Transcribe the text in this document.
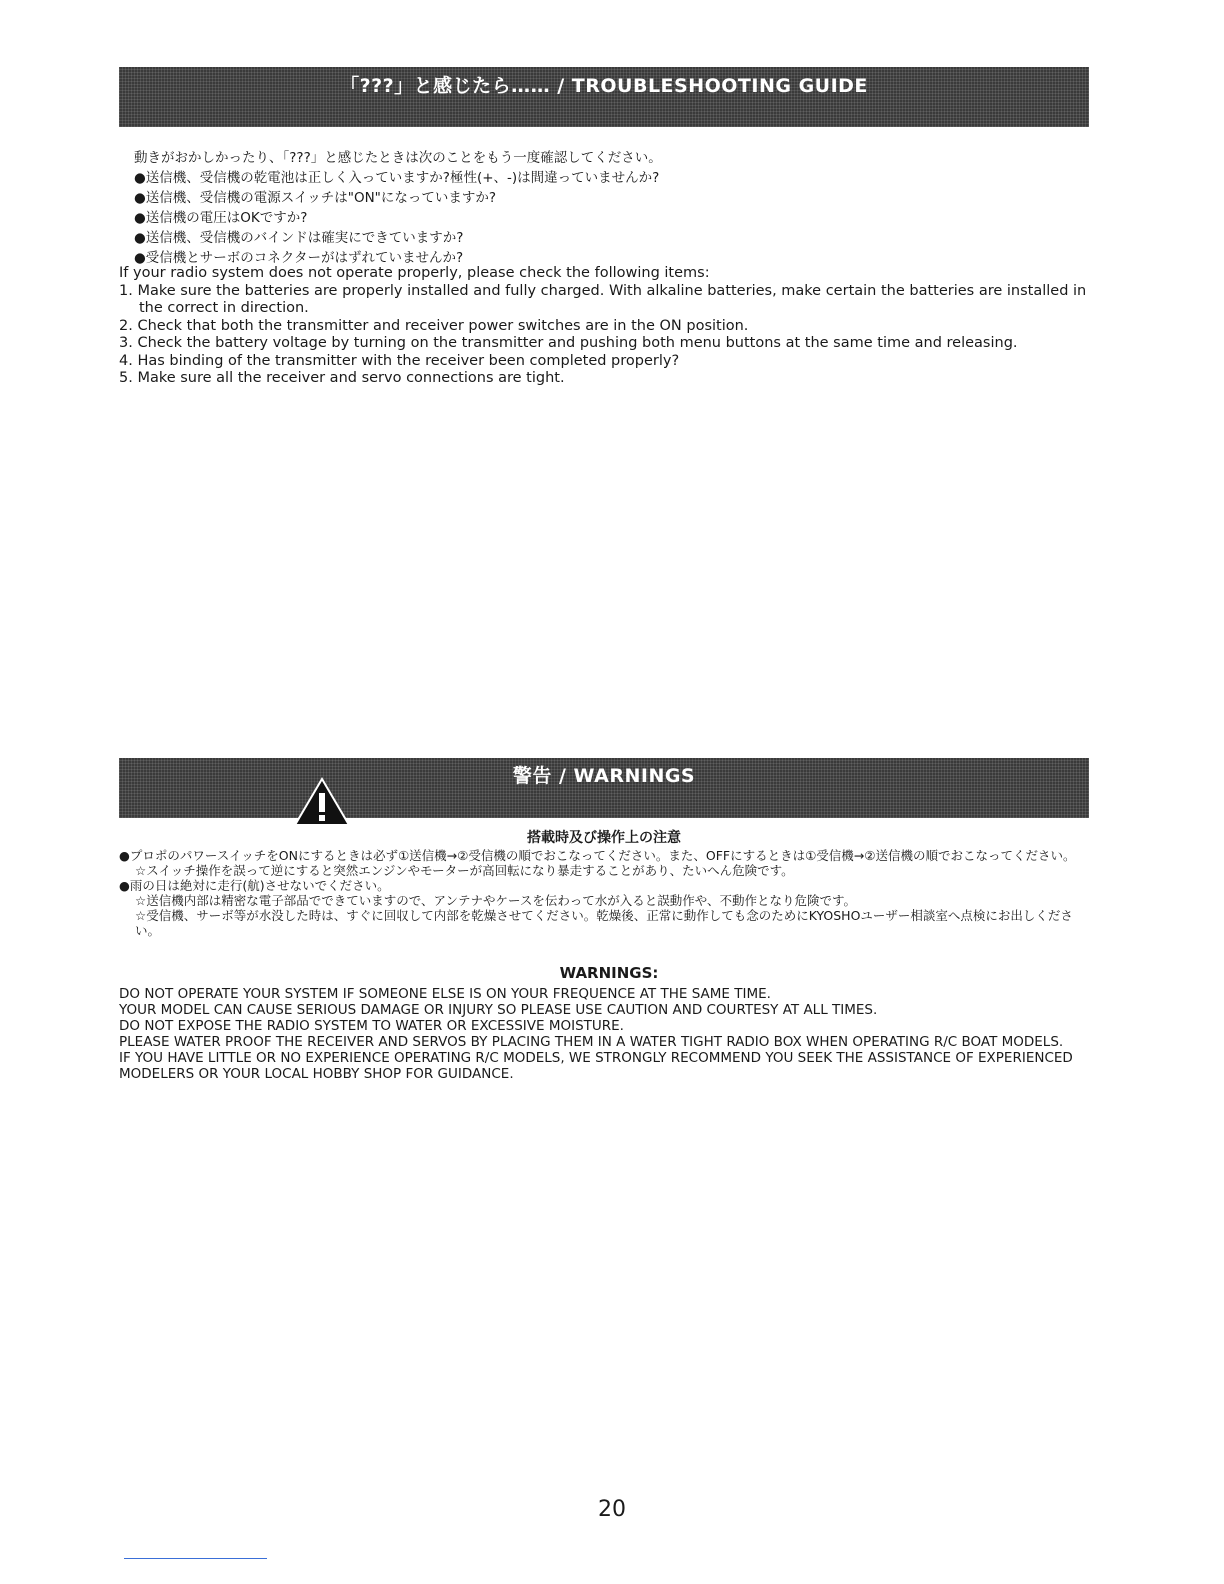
「???」と感じたら…… / TROUBLESHOOTING GUIDE
動きがおかしかったり、「???」と感じたときは次のことをもう一度確認してください。
●送信機、受信機の乾電池は正しく入っていますか?極性(+、-)は間違っていませんか?
●送信機、受信機の電源スイッチは"ON"になっていますか?
●送信機の電圧はOKですか?
●送信機、受信機のバインドは確実にできていますか?
●受信機とサーボのコネクターがはずれていませんか?
If your radio system does not operate properly, please check the following items:
1. Make sure the batteries are properly installed and fully charged. With alkaline batteries, make certain the batteries are installed in the correct in direction.
2. Check that both the transmitter and receiver power switches are in the ON position.
3. Check the battery voltage by turning on the transmitter and pushing both menu buttons at the same time and releasing.
4. Has binding of the transmitter with the receiver been completed properly?
5. Make sure all the receiver and servo connections are tight.
警告 / WARNINGS
搭載時及び操作上の注意
●プロポのパワースイッチをONにするときは必ず①送信機→②受信機の順でおこなってください。また、OFFにするときは①受信機→②送信機の順でおこなってください。
☆スイッチ操作を誤って逆にすると突然エンジンやモーターが高回転になり暴走することがあり、たいへん危険です。
●雨の日は絶対に走行(航)させないでください。
☆送信機内部は精密な電子部品でできていますので、アンテナやケースを伝わって水が入ると誤動作や、不動作となり危険です。
☆受信機、サーボ等が水没した時は、すぐに回収して内部を乾燥させてください。乾燥後、正常に動作しても念のためにKYOSHOユーザー相談室へ点検にお出しください。
WARNINGS:
DO NOT OPERATE YOUR SYSTEM IF SOMEONE ELSE IS ON YOUR FREQUENCE AT THE SAME TIME.
YOUR MODEL CAN CAUSE SERIOUS DAMAGE OR INJURY SO PLEASE USE CAUTION AND COURTESY AT ALL TIMES.
DO NOT EXPOSE THE RADIO SYSTEM TO WATER OR EXCESSIVE MOISTURE.
PLEASE WATER PROOF THE RECEIVER AND SERVOS BY PLACING THEM IN A WATER TIGHT RADIO BOX WHEN OPERATING R/C BOAT MODELS.
IF YOU HAVE LITTLE OR NO EXPERIENCE OPERATING R/C MODELS, WE STRONGLY RECOMMEND YOU SEEK THE ASSISTANCE OF EXPERIENCED MODELERS OR YOUR LOCAL HOBBY SHOP FOR GUIDANCE.
20
